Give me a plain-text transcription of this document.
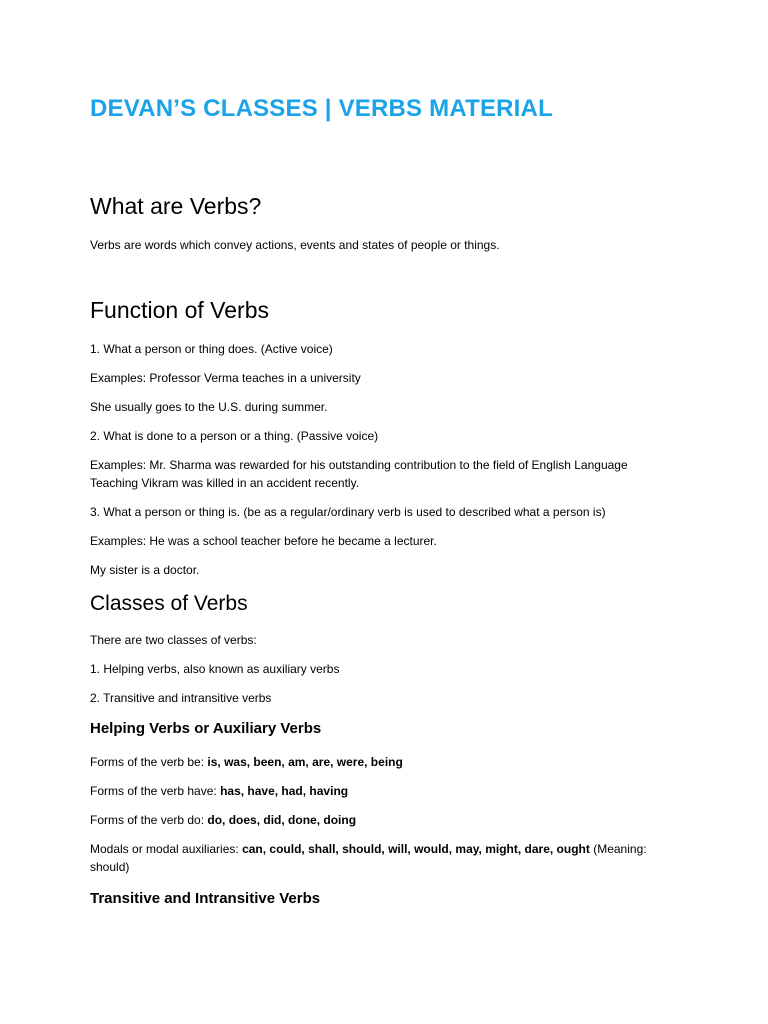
DEVAN’S CLASSES | VERBS MATERIAL
What are Verbs?

Verbs are words which convey actions, events and states of people or things.

Function of Verbs

1. What a person or thing does. (Active voice)

Examples: Professor Verma teaches in a university

She usually goes to the U.S. during summer.

2. What is done to a person or a thing. (Passive voice)

Examples: Mr. Sharma was rewarded for his outstanding contribution to the field of English Language Teaching Vikram was killed in an accident recently.

3. What a person or thing is. (be as a regular/ordinary verb is used to described what a person is)

Examples: He was a school teacher before he became a lecturer.

My sister is a doctor.

Classes of Verbs

There are two classes of verbs:

1. Helping verbs, also known as auxiliary verbs

2. Transitive and intransitive verbs

Helping Verbs or Auxiliary Verbs

Forms of the verb be: is, was, been, am, are, were, being

Forms of the verb have: has, have, had, having

Forms of the verb do: do, does, did, done, doing

Modals or modal auxiliaries: can, could, shall, should, will, would, may, might, dare, ought (Meaning: should)

Transitive and Intransitive Verbs
